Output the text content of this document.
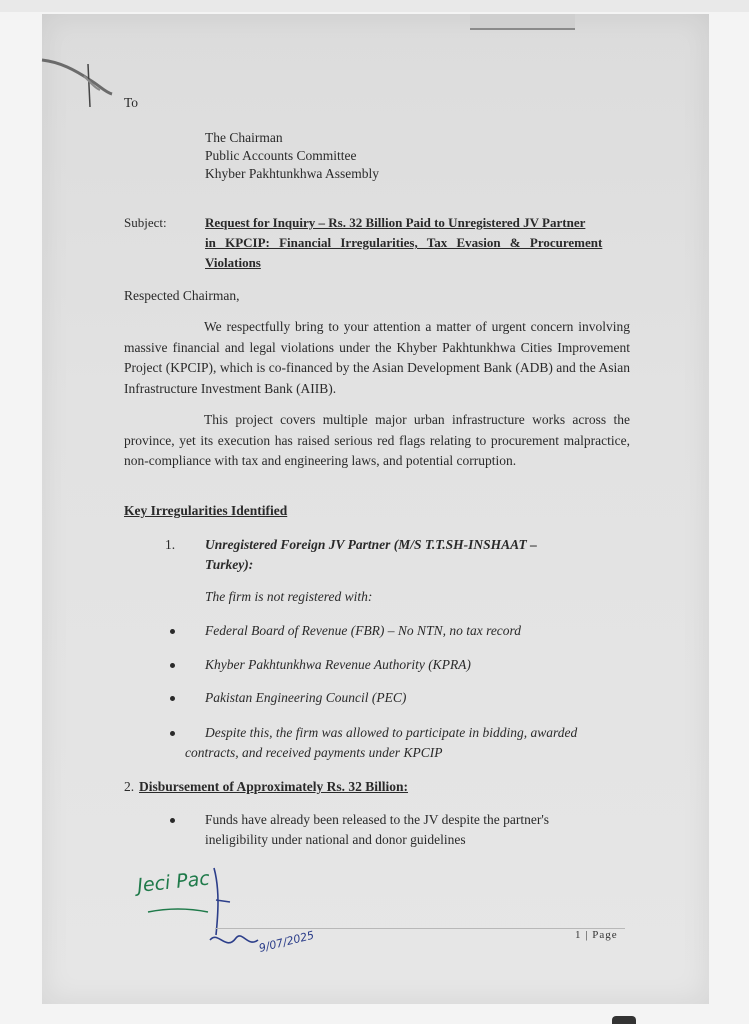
To
The Chairman
Public Accounts Committee
Khyber Pakhtunkhwa Assembly
Subject:	Request for Inquiry – Rs. 32 Billion Paid to Unregistered JV Partner
in KPCIP: Financial Irregularities, Tax Evasion & Procurement
Violations
Respected Chairman,
We respectfully bring to your attention a matter of urgent concern involving massive financial and legal violations under the Khyber Pakhtunkhwa Cities Improvement Project (KPCIP), which is co-financed by the Asian Development Bank (ADB) and the Asian Infrastructure Investment Bank (AIIB).
This project covers multiple major urban infrastructure works across the province, yet its execution has raised serious red flags relating to procurement malpractice, non-compliance with tax and engineering laws, and potential corruption.
Key Irregularities Identified
1. Unregistered Foreign JV Partner (M/S T.T.SH-INSHAAT –
Turkey):
The firm is not registered with:
Federal Board of Revenue (FBR) – No NTN, no tax record
Khyber Pakhtunkhwa Revenue Authority (KPRA)
Pakistan Engineering Council (PEC)
Despite this, the firm was allowed to participate in bidding, awarded
contracts, and received payments under KPCIP
2. Disbursement of Approximately Rs. 32 Billion:
Funds have already been released to the JV despite the partner's
ineligibility under national and donor guidelines
Jeci Pac
9/07/2025	1 | Page
